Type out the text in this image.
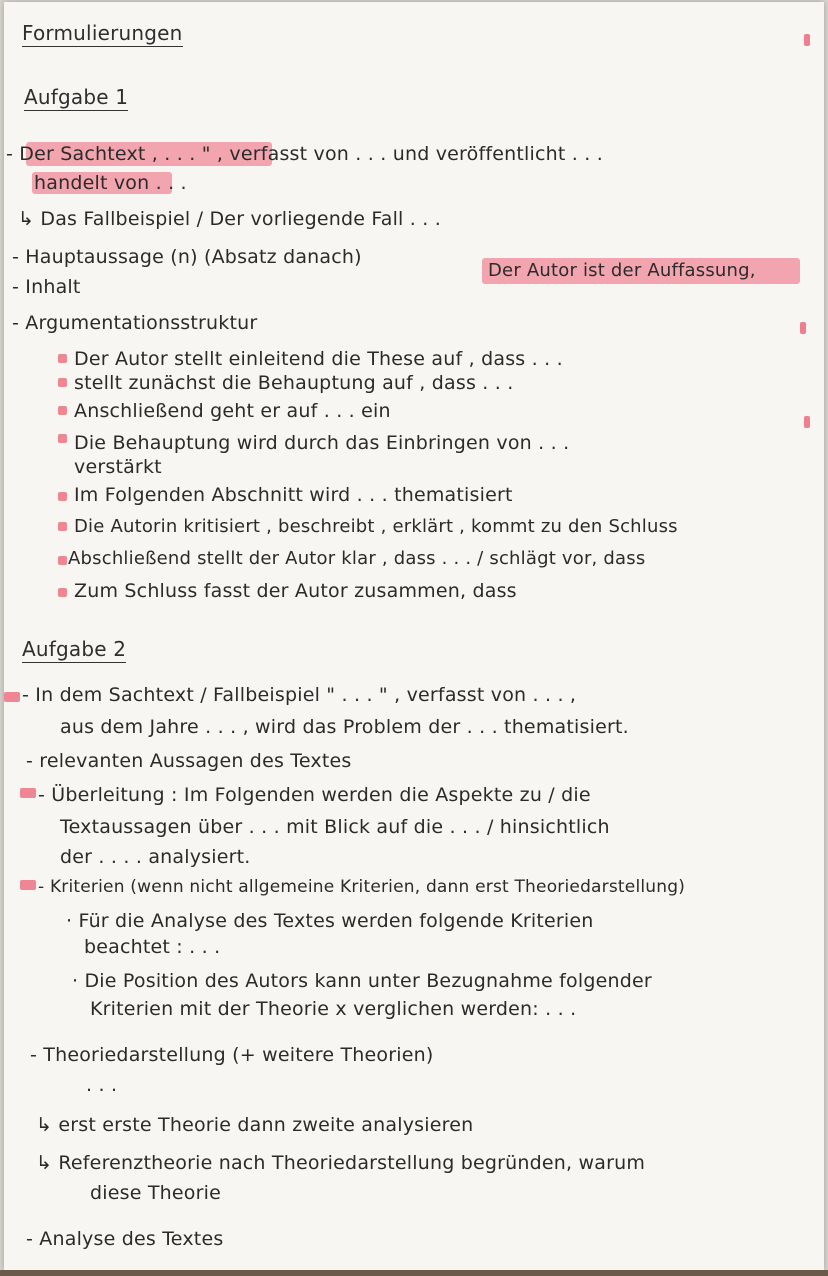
Formulierungen
Aufgabe 1
- Der Sachtext , . . . " , verfasst von . . . und veröffentlicht . . .
handelt von . . .
↳ Das Fallbeispiel / Der vorliegende Fall . . .
- Hauptaussage (n) (Absatz danach)
Der Autor ist der Auffassung,
- Inhalt
- Argumentationsstruktur
Der Autor stellt einleitend die These auf , dass . . .
stellt zunächst die Behauptung auf , dass . . .
Anschließend geht er auf . . . ein
Die Behauptung wird durch das Einbringen von . . .
verstärkt
Im Folgenden Abschnitt wird . . . thematisiert
Die Autorin kritisiert , beschreibt , erklärt , kommt zu den Schluss
Abschließend stellt der Autor klar , dass . . . / schlägt vor, dass
Zum Schluss fasst der Autor zusammen, dass
Aufgabe 2
- In dem Sachtext / Fallbeispiel " . . . " , verfasst von . . . ,
aus dem Jahre . . . , wird das Problem der . . . thematisiert.
- relevanten Aussagen des Textes
- Überleitung : Im Folgenden werden die Aspekte zu / die
Textaussagen über . . . mit Blick auf die . . . / hinsichtlich
der . . . . analysiert.
- Kriterien (wenn nicht allgemeine Kriterien, dann erst Theoriedarstellung)
· Für die Analyse des Textes werden folgende Kriterien
beachtet : . . .
· Die Position des Autors kann unter Bezugnahme folgender
Kriterien mit der Theorie x verglichen werden: . . .
- Theoriedarstellung (+ weitere Theorien)
. . .
↳ erst erste Theorie dann zweite analysieren
↳ Referenztheorie nach Theoriedarstellung begründen, warum
diese Theorie
- Analyse des Textes
